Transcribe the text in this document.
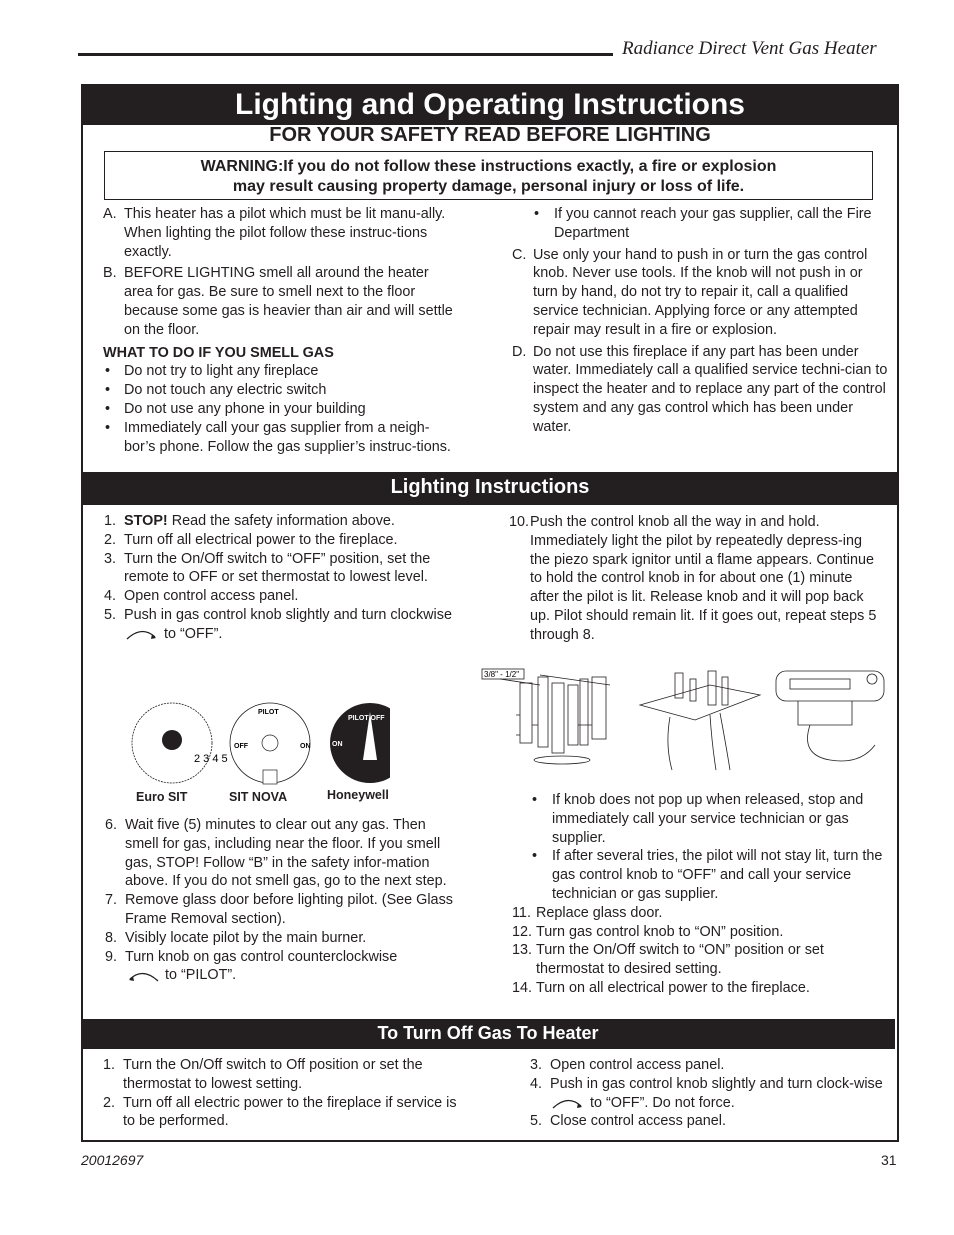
Radiance Direct Vent Gas Heater
Lighting and Operating Instructions
FOR YOUR SAFETY READ BEFORE LIGHTING
WARNING:If you do not follow these instructions exactly, a fire or explosion
may result causing property damage, personal injury or loss of life.
A. This heater has a pilot which must be lit manu-ally. When lighting the pilot follow these instruc-tions exactly.
B. BEFORE LIGHTING smell all around the heater area for gas. Be sure to smell next to the floor because some gas is heavier than air and will settle on the floor.
WHAT TO DO IF YOU SMELL GAS
• Do not try to light any fireplace
• Do not touch any electric switch
• Do not use any phone in your building
• Immediately call your gas supplier from a neigh-bor’s phone. Follow the gas supplier’s instruc-tions.
• If you cannot reach your gas supplier, call the Fire Department
C. Use only your hand to push in or turn the gas control knob. Never use tools. If the knob will not push in or turn by hand, do not try to repair it, call a qualified service technician. Applying force or any attempted repair may result in a fire or explosion.
D. Do not use this fireplace if any part has been under water. Immediately call a qualified service techni-cian to inspect the heater and to replace any part of the control system and any gas control which has been under water.
Lighting Instructions
1. STOP! Read the safety information above.
2. Turn off all electrical power to the fireplace.
3. Turn the On/Off switch to “OFF” position, set the remote to OFF or set thermostat to lowest level.
4. Open control access panel.
5. Push in gas control knob slightly and turn clockwise  to “OFF”.
2 3 4 5
PILOT
OFF	ON
PILOT OFF
ON
Euro SIT	SIT NOVA	Honeywell
6. Wait five (5) minutes to clear out any gas. Then smell for gas, including near the floor. If you smell gas, STOP! Follow “B” in the safety infor-mation above. If you do not smell gas, go to the next step.
7. Remove glass door before lighting pilot. (See Glass Frame Removal section).
8. Visibly locate pilot by the main burner.
9. Turn knob on gas control counterclockwise
to “PILOT”.
10. Push the control knob all the way in and hold. Immediately light the pilot by repeatedly depress-ing the piezo spark ignitor until a flame appears. Continue to hold the control knob in for about one (1) minute after the pilot is lit. Release knob and it will pop back up. Pilot should remain lit. If it goes out, repeat steps 5 through 8.
3/8" - 1/2"
• If knob does not pop up when released, stop and immediately call your service technician or gas supplier.
• If after several tries, the pilot will not stay lit, turn the gas control knob to “OFF” and call your service technician or gas supplier.
11. Replace glass door.
12. Turn gas control knob to “ON” position.
13. Turn the On/Off switch to “ON” position or set thermostat to desired setting.
14. Turn on all electrical power to the fireplace.
To Turn Off Gas To Heater
1. Turn the On/Off switch to Off position or set the thermostat to lowest setting.
2. Turn off all electric power to the fireplace if service is to be performed.
3. Open control access panel.
4. Push in gas control knob slightly and turn clock-wise  to “OFF”. Do not force.
5. Close control access panel.
20012697	31
